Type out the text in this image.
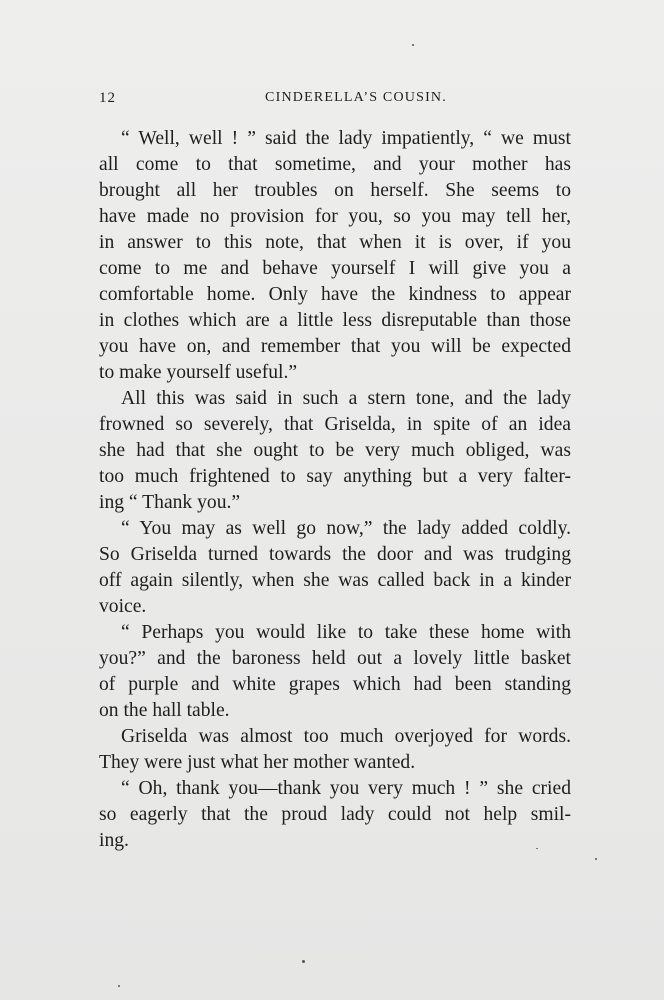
12	CINDERELLA’S COUSIN.
“ Well, well ! ” said the lady impatiently, “ we must
all come to that sometime, and your mother has
brought all her troubles on herself. She seems to
have made no provision for you, so you may tell her,
in answer to this note, that when it is over, if you
come to me and behave yourself I will give you a
comfortable home. Only have the kindness to appear
in clothes which are a little less disreputable than those
you have on, and remember that you will be expected
to make yourself useful.”
All this was said in such a stern tone, and the lady
frowned so severely, that Griselda, in spite of an idea
she had that she ought to be very much obliged, was
too much frightened to say anything but a very falter-
ing “ Thank you.”
“ You may as well go now,” the lady added coldly.
So Griselda turned towards the door and was trudging
off again silently, when she was called back in a kinder
voice.
“ Perhaps you would like to take these home with
you?” and the baroness held out a lovely little basket
of purple and white grapes which had been standing
on the hall table.
Griselda was almost too much overjoyed for words.
They were just what her mother wanted.
“ Oh, thank you—thank you very much ! ” she cried
so eagerly that the proud lady could not help smil-
ing.
